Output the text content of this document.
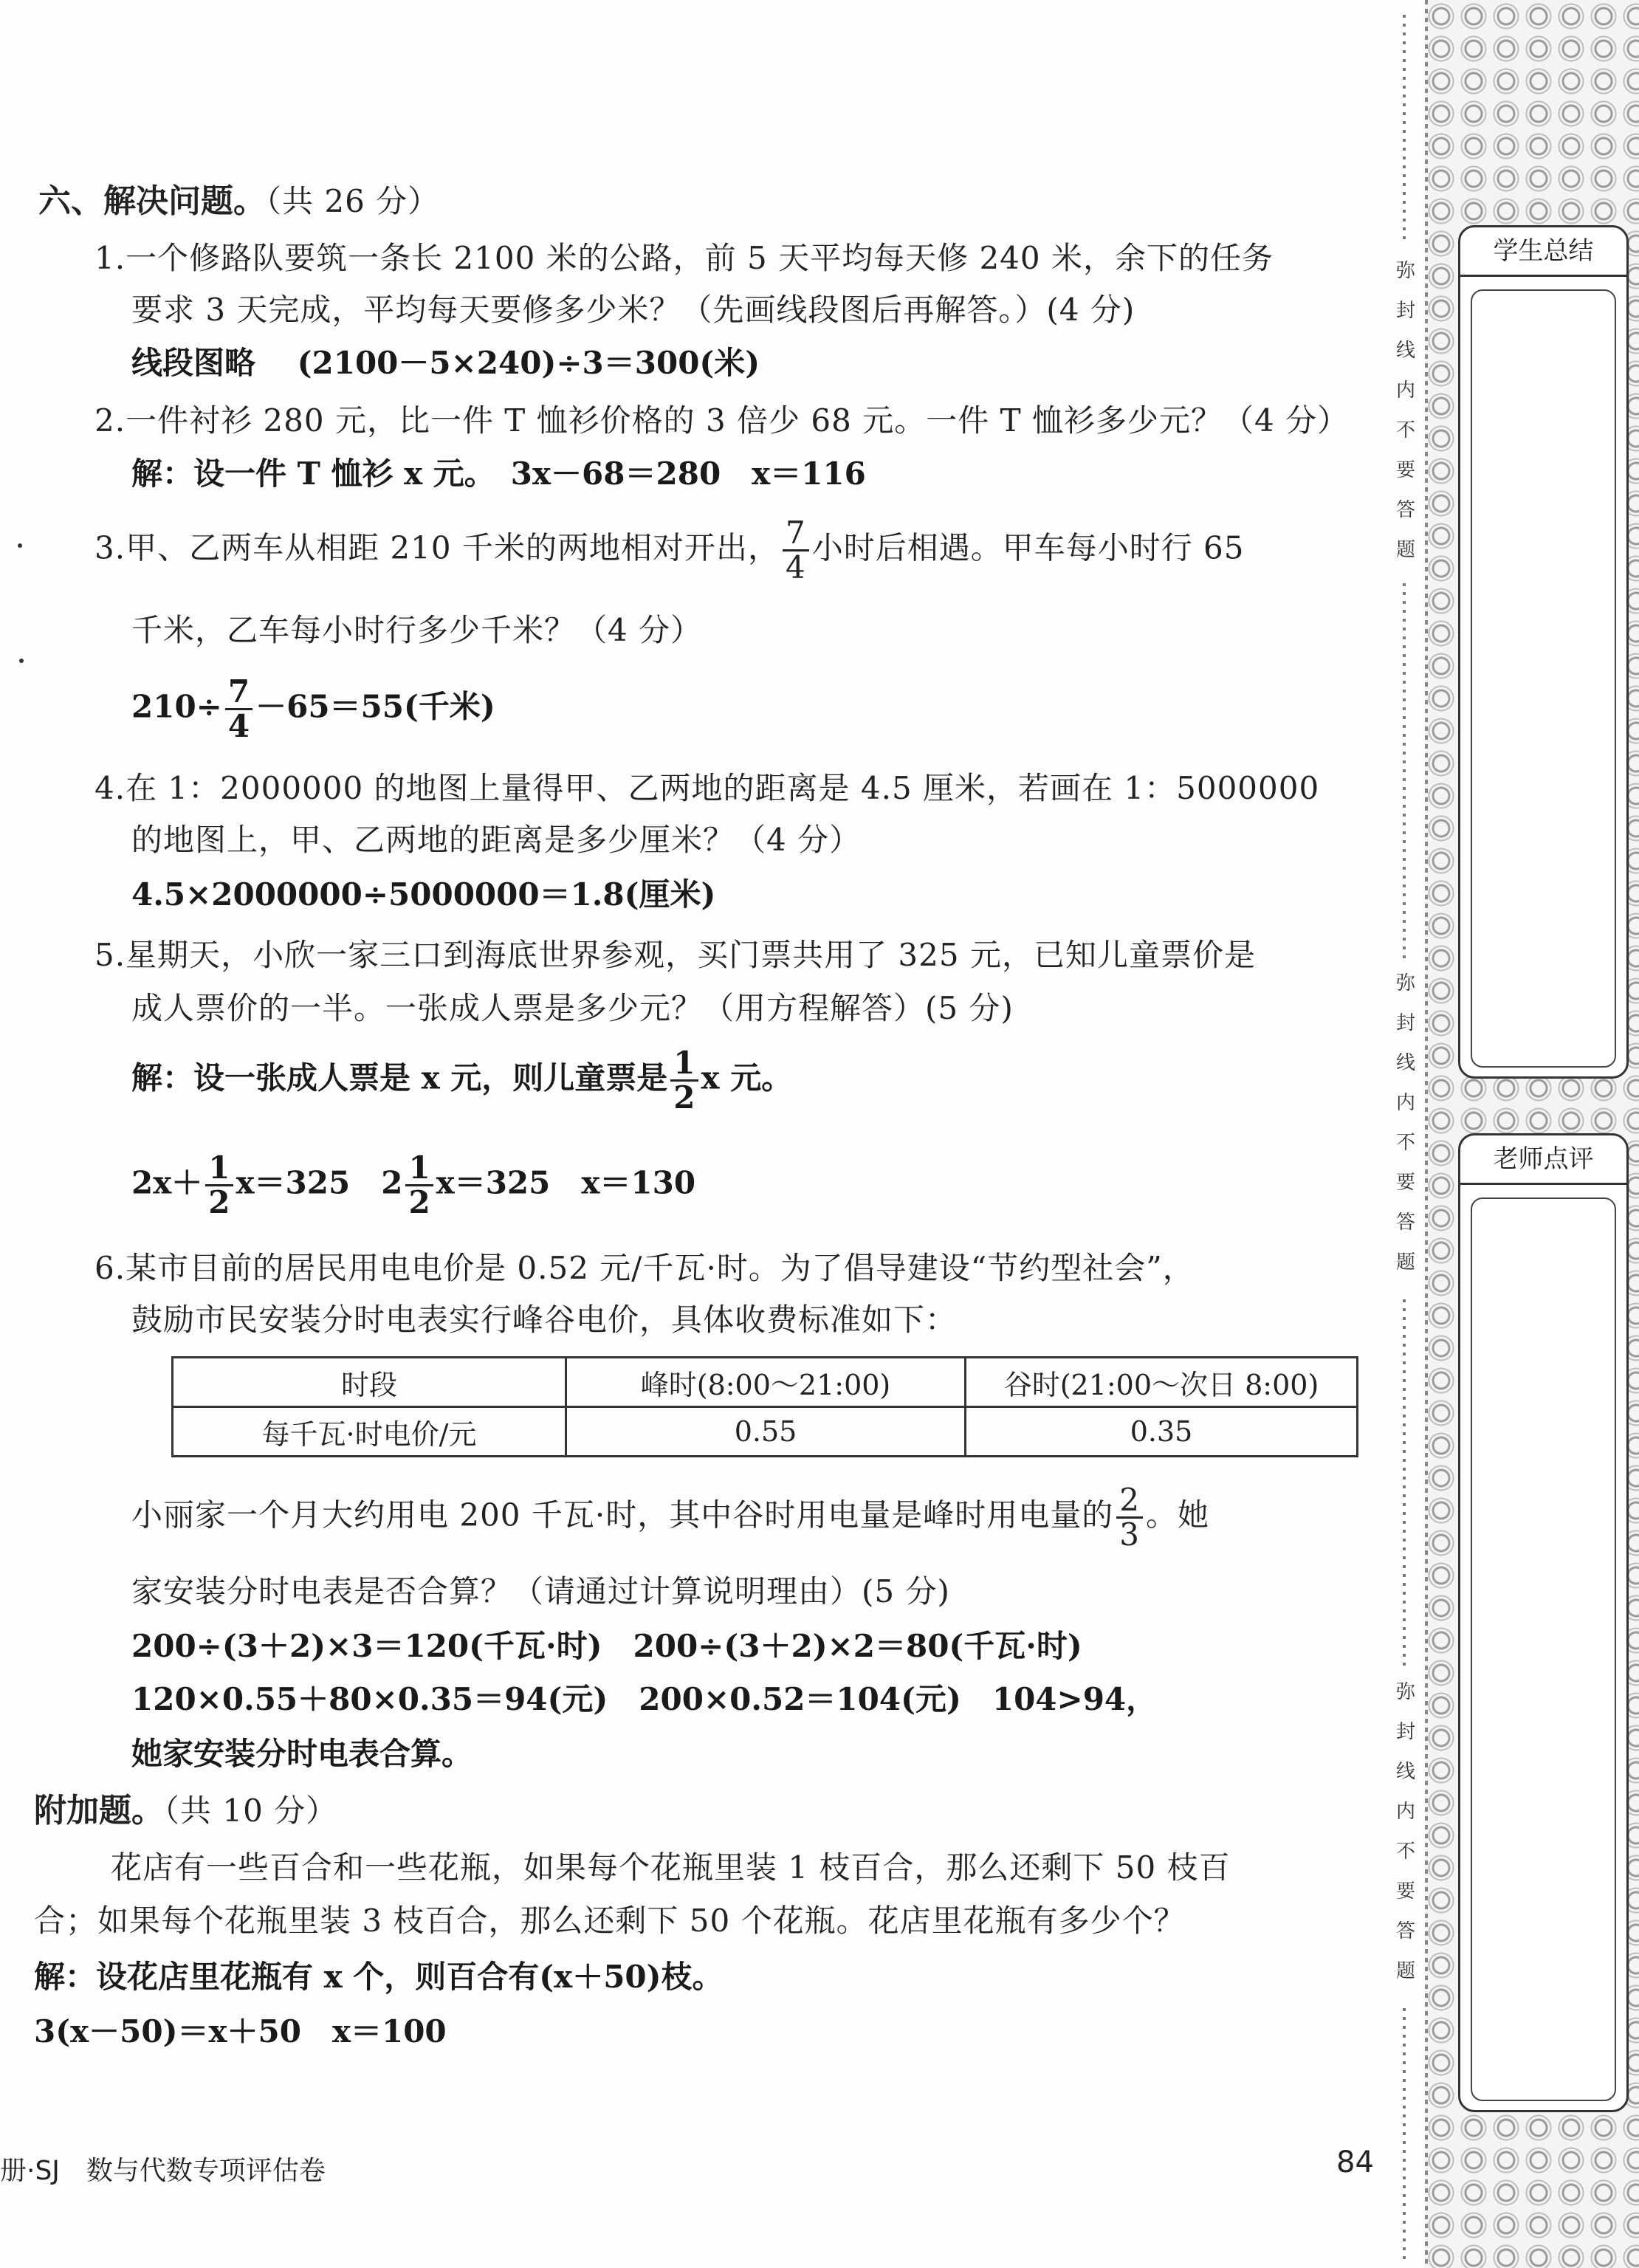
学生总结
老师点评
弥
封
线
内
不
要
答
题
弥
封
线
内
不
要
答
题
弥
封
线
内
不
要
答
题
六、解决问题。（共 26 分）
1.一个修路队要筑一条长 2100 米的公路，前 5 天平均每天修 240 米，余下的任务
要求 3 天完成，平均每天要修多少米？（先画线段图后再解答。）(4 分)
线段图略　 (2100－5×240)÷3＝300(米)
2.一件衬衫 280 元，比一件 T 恤衫价格的 3 倍少 68 元。一件 T 恤衫多少元？（4 分）
解：设一件 T 恤衫 x 元。　3x－68＝280　x＝116
3.甲、乙两车从相距 210 千米的两地相对开出， $\frac{7}{4}$ 小时后相遇。甲车每小时行 65
千米，乙车每小时行多少千米？（4 分）
$210\div \frac{7}{4} -65=55$(千米)
4.在 1：2000000 的地图上量得甲、乙两地的距离是 4.5 厘米，若画在 1：5000000
的地图上，甲、乙两地的距离是多少厘米？（4 分）
4.5×2000000÷5000000＝1.8(厘米)
5.星期天，小欣一家三口到海底世界参观，买门票共用了 325 元，已知儿童票价是
成人票价的一半。一张成人票是多少元？（用方程解答）(5 分)
解：设一张成人票是 x 元，则儿童票是 $\frac{1}{2}$ x 元。
$2x+ \frac{1}{2} x=325$　$2 \frac{1}{2} x=325$　x＝130
6.某市目前的居民用电电价是 0.52 元/千瓦·时。为了倡导建设“节约型社会”，
鼓励市民安装分时电表实行峰谷电价，具体收费标准如下：
时段	峰时(8:00～21:00)	谷时(21:00～次日 8:00)
每千瓦·时电价/元	0.55	0.35
小丽家一个月大约用电 200 千瓦·时，其中谷时用电量是峰时用电量的 $\frac{2}{3}$ 。她
家安装分时电表是否合算？（请通过计算说明理由）(5 分)
200÷(3＋2)×3＝120(千瓦·时)　200÷(3＋2)×2＝80(千瓦·时)
120×0.55＋80×0.35＝94(元)　200×0.52＝104(元)　104>94，
她家安装分时电表合算。
附加题。（共 10 分）
花店有一些百合和一些花瓶，如果每个花瓶里装 1 枝百合，那么还剩下 50 枝百
合；如果每个花瓶里装 3 枝百合，那么还剩下 50 个花瓶。花店里花瓶有多少个？
解：设花店里花瓶有 x 个，则百合有(x＋50)枝。
3(x－50)＝x＋50　x＝100
册·SJ　数与代数专项评估卷	84
